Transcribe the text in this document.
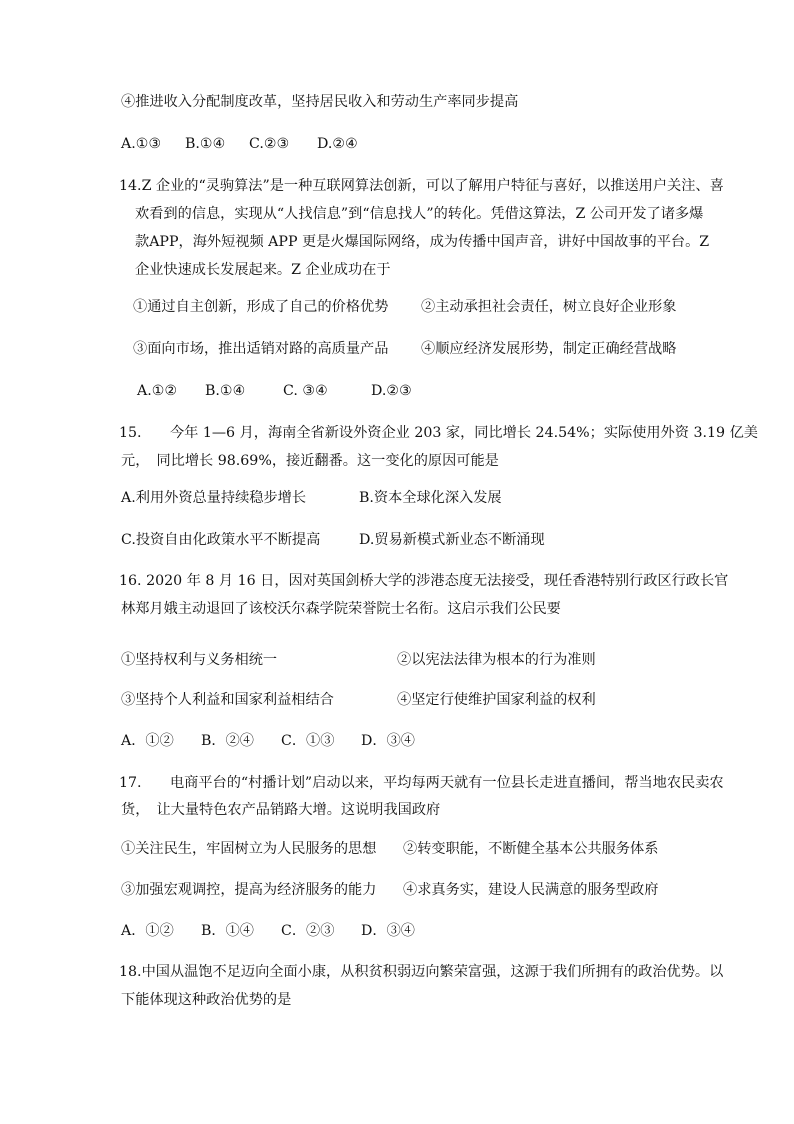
④推进收入分配制度改革，坚持居民收入和劳动生产率同步提高
A.①③ B.①④ C.②③ D.②④
14.Z 企业的“灵驹算法”是一种互联网算法创新，可以了解用户特征与喜好，以推送用户关注、喜
欢看到的信息，实现从“人找信息”到“信息找人”的转化。凭借这算法，Z 公司开发了诸多爆
款APP，海外短视频 APP 更是火爆国际网络，成为传播中国声音，讲好中国故事的平台。Z
企业快速成长发展起来。Z 企业成功在于
①通过自主创新，形成了自己的价格优势 ②主动承担社会责任，树立良好企业形象
③面向市场，推出适销对路的高质量产品 ④顺应经济发展形势，制定正确经营战略
A.①② B.①④	C. ③④	D.②③
15.　　今年 1—6 月，海南全省新设外资企业 203 家，同比增长 24.54%；实际使用外资 3.19 亿美
元，　同比增长 98.69%，接近翻番。这一变化的原因可能是
A.利用外资总量持续稳步增长	B.资本全球化深入发展
C.投资自由化政策水平不断提高	D.贸易新模式新业态不断涌现
16. 2020 年 8 月 16 日，因对英国剑桥大学的涉港态度无法接受，现任香港特别行政区行政长官
林郑月娥主动退回了该校沃尔森学院荣誉院士名衔。这启示我们公民要
①坚持权利与义务相统一	②以宪法法律为根本的行为准则
③坚持个人利益和国家利益相结合	④坚定行使维护国家利益的权利
A．①② B．②④ C．①③ D．③④
17.　　电商平台的“村播计划”启动以来，平均每两天就有一位县长走进直播间，帮当地农民卖农
货，　让大量特色农产品销路大增。这说明我国政府
①关注民生，牢固树立为人民服务的思想 ②转变职能，不断健全基本公共服务体系
③加强宏观调控，提高为经济服务的能力 ④求真务实，建设人民满意的服务型政府
A．①② B．①④ C．②③ D．③④
18.中国从温饱不足迈向全面小康，从积贫积弱迈向繁荣富强，这源于我们所拥有的政治优势。以
下能体现这种政治优势的是
